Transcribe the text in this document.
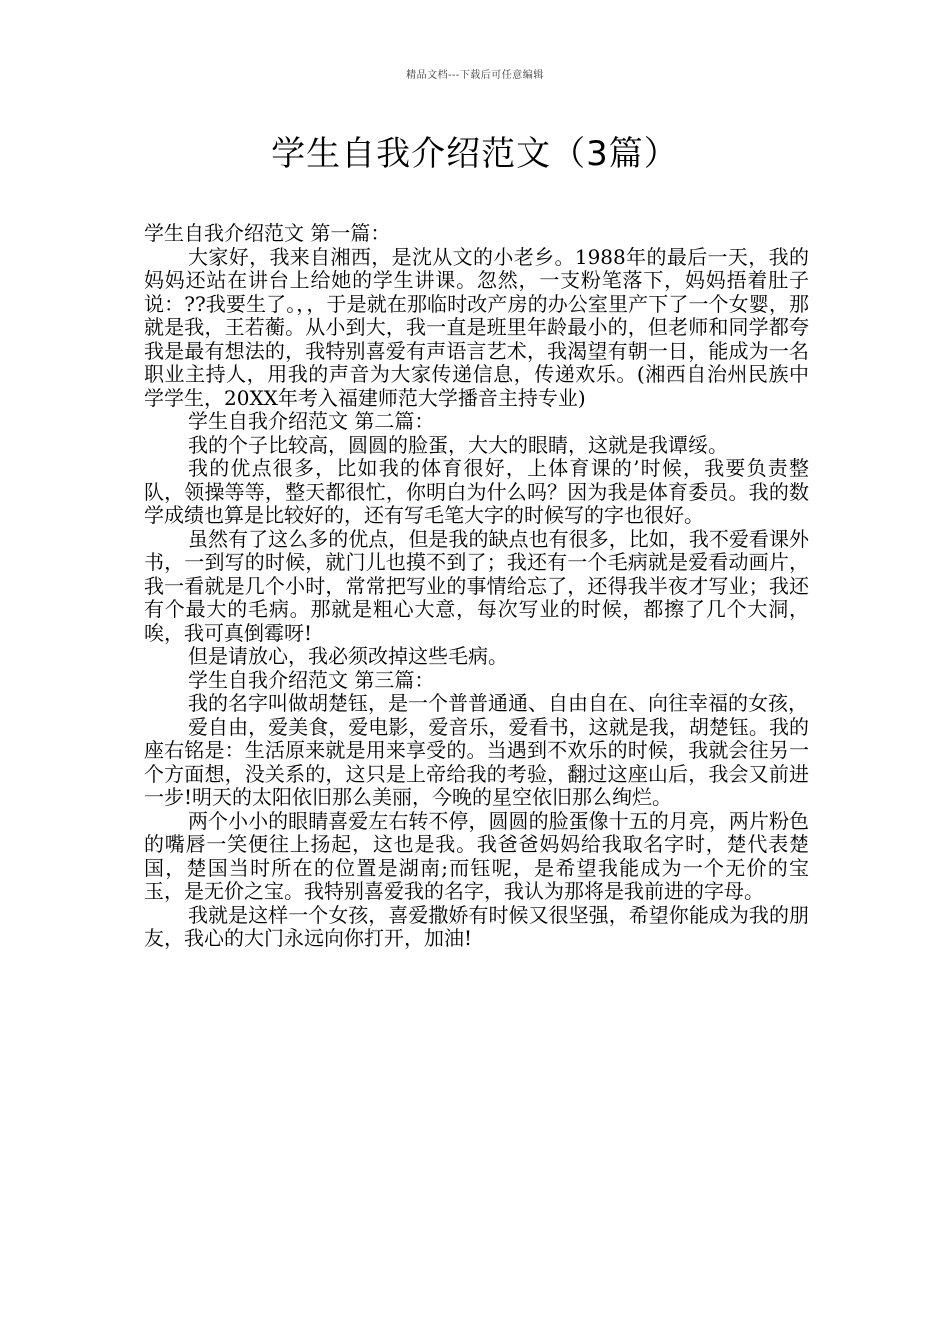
精品文档---下载后可任意编辑
学生自我介绍范文（3篇）

学生自我介绍范文 第一篇：

大家好，我来自湘西，是沈从文的小老乡。1988年的最后一天，我的妈妈还站在讲台上给她的学生讲课。忽然，一支粉笔落下，妈妈捂着肚子说：??我要生了。，，于是就在那临时改产房的办公室里产下了一个女婴，那就是我，王若蘅。从小到大，我一直是班里年龄最小的，但老师和同学都夸我是最有想法的，我特别喜爱有声语言艺术，我渴望有朝一日，能成为一名职业主持人，用我的声音为大家传递信息，传递欢乐。(湘西自治州民族中学学生，20XX年考入福建师范大学播音主持专业)

学生自我介绍范文 第二篇：

我的个子比较高，圆圆的脸蛋，大大的眼睛，这就是我谭绥。

我的优点很多，比如我的体育很好，上体育课的’时候，我要负责整队，领操等等，整天都很忙，你明白为什么吗？因为我是体育委员。我的数学成绩也算是比较好的，还有写毛笔大字的时候写的字也很好。

虽然有了这么多的优点，但是我的缺点也有很多，比如，我不爱看课外书，一到写的时候，就门儿也摸不到了；我还有一个毛病就是爱看动画片，我一看就是几个小时，常常把写业的事情给忘了，还得我半夜才写业；我还有个最大的毛病。那就是粗心大意，每次写业的时候，都擦了几个大洞，唉，我可真倒霉呀!

但是请放心，我必须改掉这些毛病。

学生自我介绍范文 第三篇：

我的名字叫做胡楚钰，是一个普普通通、自由自在、向往幸福的女孩，

爱自由，爱美食，爱电影，爱音乐，爱看书，这就是我，胡楚钰。我的座右铭是：生活原来就是用来享受的。当遇到不欢乐的时候，我就会往另一个方面想，没关系的，这只是上帝给我的考验，翻过这座山后，我会又前进一步!明天的太阳依旧那么美丽，今晚的星空依旧那么绚烂。

两个小小的眼睛喜爱左右转不停，圆圆的脸蛋像十五的月亮，两片粉色的嘴唇一笑便往上扬起，这也是我。我爸爸妈妈给我取名字时，楚代表楚国，楚国当时所在的位置是湖南;而钰呢，是希望我能成为一个无价的宝玉，是无价之宝。我特别喜爱我的名字，我认为那将是我前进的字母。

我就是这样一个女孩，喜爱撒娇有时候又很坚强，希望你能成为我的朋友，我心的大门永远向你打开，加油!
